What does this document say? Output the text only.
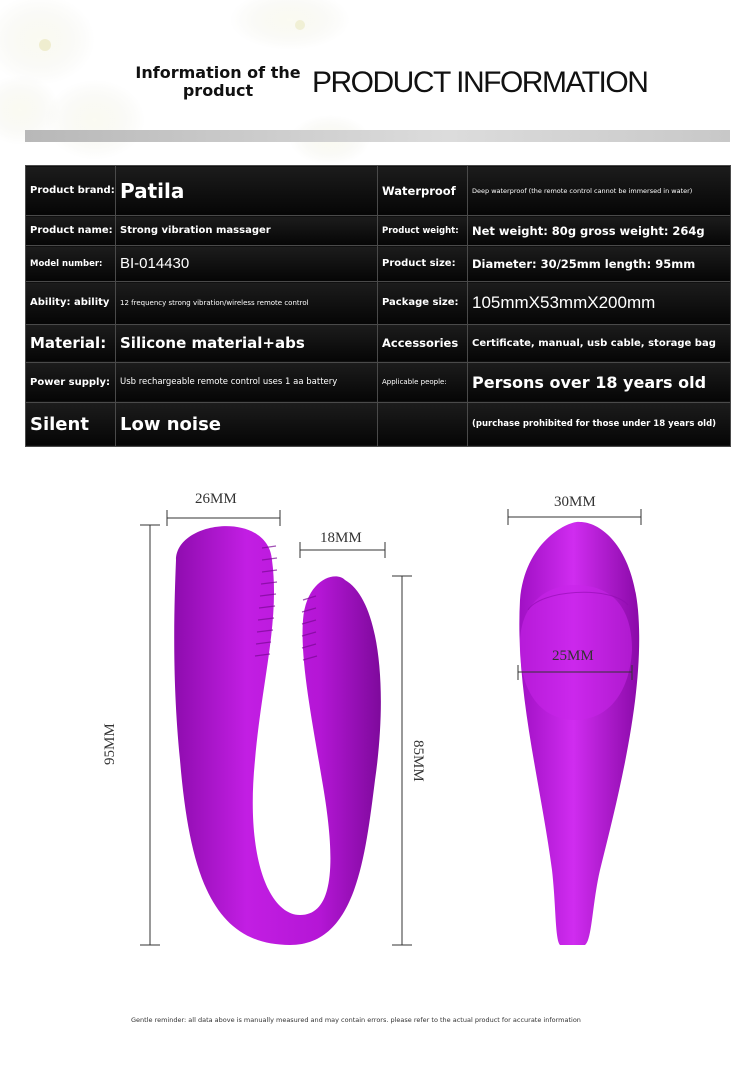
Information of the product	PRODUCT INFORMATION
Product brand:	Patila	Waterproof	Deep waterproof (the remote control cannot be immersed in water)
Product name:	Strong vibration massager	Product weight:	Net weight: 80g gross weight: 264g
Model number:	BI-014430	Product size:	Diameter: 30/25mm length: 95mm
Ability: ability	12 frequency strong vibration/wireless remote control	Package size:	105mmX53mmX200mm
Material:	Silicone material+abs	Accessories	Certificate, manual, usb cable, storage bag
Power supply:	Usb rechargeable remote control uses 1 aa battery	Applicable people:	Persons over 18 years old
Silent	Low noise		(purchase prohibited for those under 18 years old)
26MM
18MM
95MM	85MM
30MM
25MM
Gentle reminder: all data above is manually measured and may contain errors. please refer to the actual product for accurate information
